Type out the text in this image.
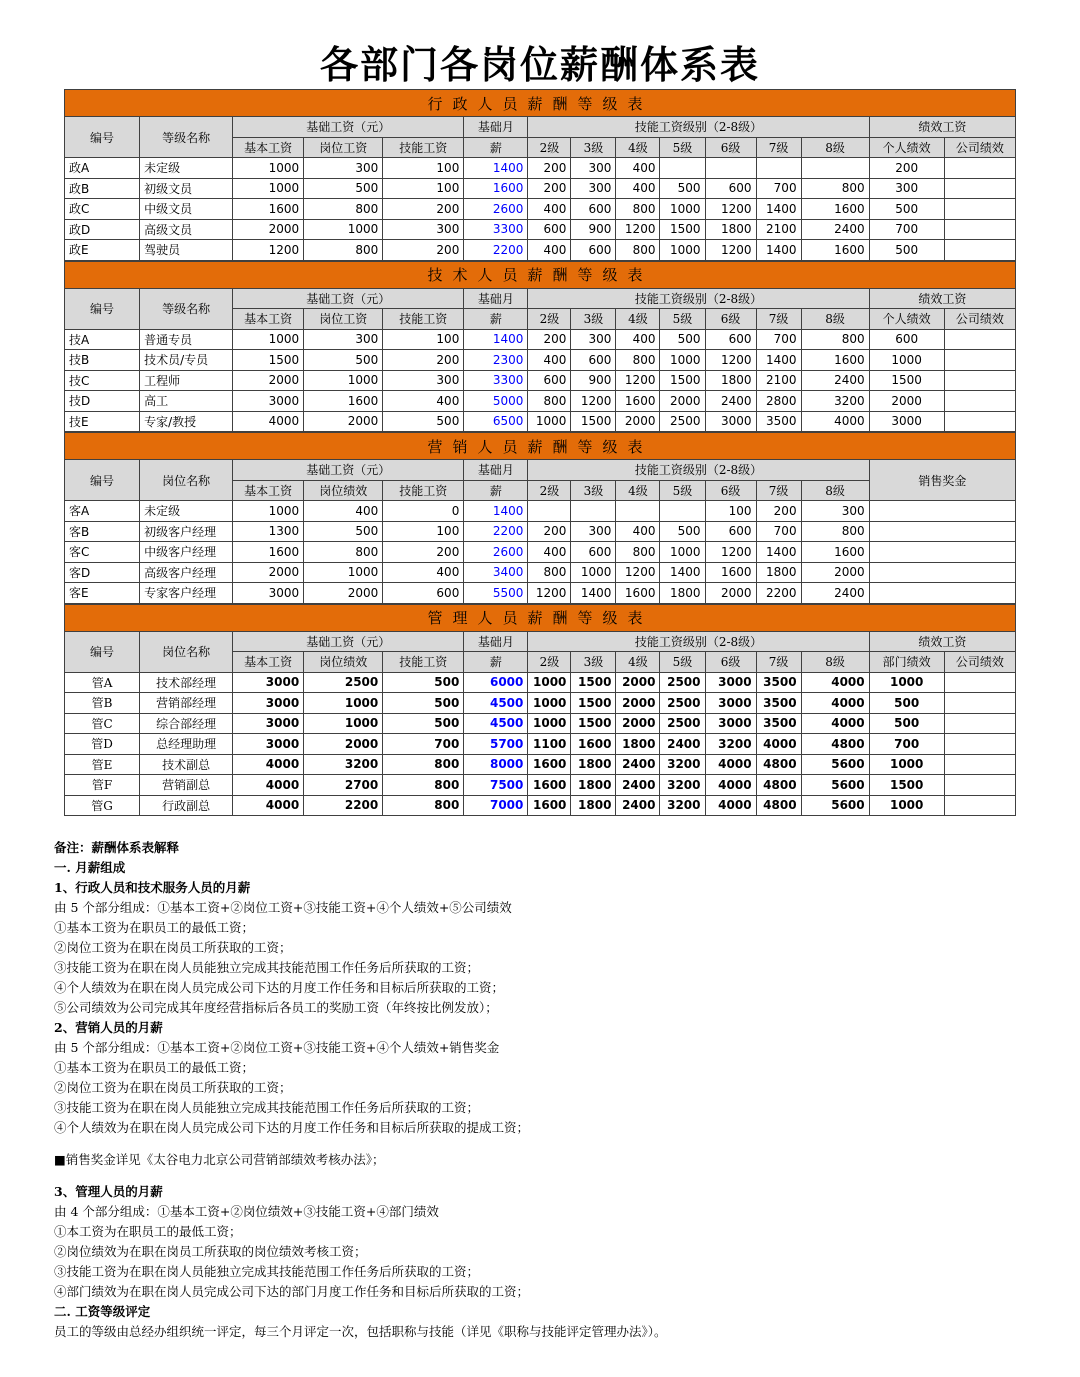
各部门各岗位薪酬体系表
行政人员薪酬等级表														
编号	等级名称	基础工资（元）			基础月	技能工资级别（2-8级）							绩效工资	
		基本工资	岗位工资	技能工资	薪	2级	3级	4级	5级	6级	7级	8级	个人绩效	公司绩效
政A	未定级	1000	300	100	1400	200	300	400					200	
政B	初级文员	1000	500	100	1600	200	300	400	500	600	700	800	300	
政C	中级文员	1600	800	200	2600	400	600	800	1000	1200	1400	1600	500	
政D	高级文员	2000	1000	300	3300	600	900	1200	1500	1800	2100	2400	700	
政E	驾驶员	1200	800	200	2200	400	600	800	1000	1200	1400	1600	500	
技术人员薪酬等级表														
编号	等级名称	基础工资（元）			基础月	技能工资级别（2-8级）							绩效工资	
		基本工资	岗位工资	技能工资	薪	2级	3级	4级	5级	6级	7级	8级	个人绩效	公司绩效
技A	普通专员	1000	300	100	1400	200	300	400	500	600	700	800	600	
技B	技术员/专员	1500	500	200	2300	400	600	800	1000	1200	1400	1600	1000	
技C	工程师	2000	1000	300	3300	600	900	1200	1500	1800	2100	2400	1500	
技D	高工	3000	1600	400	5000	800	1200	1600	2000	2400	2800	3200	2000	
技E	专家/教授	4000	2000	500	6500	1000	1500	2000	2500	3000	3500	4000	3000	
营销人员薪酬等级表													
编号	岗位名称	基础工资（元）			基础月	技能工资级别（2-8级）							销售奖金
		基本工资	岗位绩效	技能工资	薪	2级	3级	4级	5级	6级	7级	8级	
客A	未定级	1000	400	0	1400					100	200	300	
客B	初级客户经理	1300	500	100	2200	200	300	400	500	600	700	800	
客C	中级客户经理	1600	800	200	2600	400	600	800	1000	1200	1400	1600	
客D	高级客户经理	2000	1000	400	3400	800	1000	1200	1400	1600	1800	2000	
客E	专家客户经理	3000	2000	600	5500	1200	1400	1600	1800	2000	2200	2400	
管理人员薪酬等级表														
编号	岗位名称	基础工资（元）			基础月	技能工资级别（2-8级）							绩效工资	
		基本工资	岗位绩效	技能工资	薪	2级	3级	4级	5级	6级	7级	8级	部门绩效	公司绩效
管A	技术部经理	3000	2500	500	6000	1000	1500	2000	2500	3000	3500	4000	1000	
管B	营销部经理	3000	1000	500	4500	1000	1500	2000	2500	3000	3500	4000	500	
管C	综合部经理	3000	1000	500	4500	1000	1500	2000	2500	3000	3500	4000	500	
管D	总经理助理	3000	2000	700	5700	1100	1600	1800	2400	3200	4000	4800	700	
管E	技术副总	4000	3200	800	8000	1600	1800	2400	3200	4000	4800	5600	1000	
管F	营销副总	4000	2700	800	7500	1600	1800	2400	3200	4000	4800	5600	1500	
管G	行政副总	4000	2200	800	7000	1600	1800	2400	3200	4000	4800	5600	1000	
备注：薪酬体系表解释
一. 月薪组成
1、行政人员和技术服务人员的月薪
由 5 个部分组成：①基本工资+②岗位工资+③技能工资+④个人绩效+⑤公司绩效
①基本工资为在职员工的最低工资；
②岗位工资为在职在岗员工所获取的工资；
③技能工资为在职在岗人员能独立完成其技能范围工作任务后所获取的工资；
④个人绩效为在职在岗人员完成公司下达的月度工作任务和目标后所获取的工资；
⑤公司绩效为公司完成其年度经营指标后各员工的奖励工资（年终按比例发放）；
2、营销人员的月薪
由 5 个部分组成：①基本工资+②岗位工资+③技能工资+④个人绩效+销售奖金
①基本工资为在职员工的最低工资；
②岗位工资为在职在岗员工所获取的工资；
③技能工资为在职在岗人员能独立完成其技能范围工作任务后所获取的工资；
④个人绩效为在职在岗人员完成公司下达的月度工作任务和目标后所获取的提成工资；
■销售奖金详见《太谷电力北京公司营销部绩效考核办法》；
3、管理人员的月薪
由 4 个部分组成：①基本工资+②岗位绩效+③技能工资+④部门绩效
①本工资为在职员工的最低工资；
②岗位绩效为在职在岗员工所获取的岗位绩效考核工资；
③技能工资为在职在岗人员能独立完成其技能范围工作任务后所获取的工资；
④部门绩效为在职在岗人员完成公司下达的部门月度工作任务和目标后所获取的工资；
二. 工资等级评定
员工的等级由总经办组织统一评定，每三个月评定一次，包括职称与技能（详见《职称与技能评定管理办法》）。
